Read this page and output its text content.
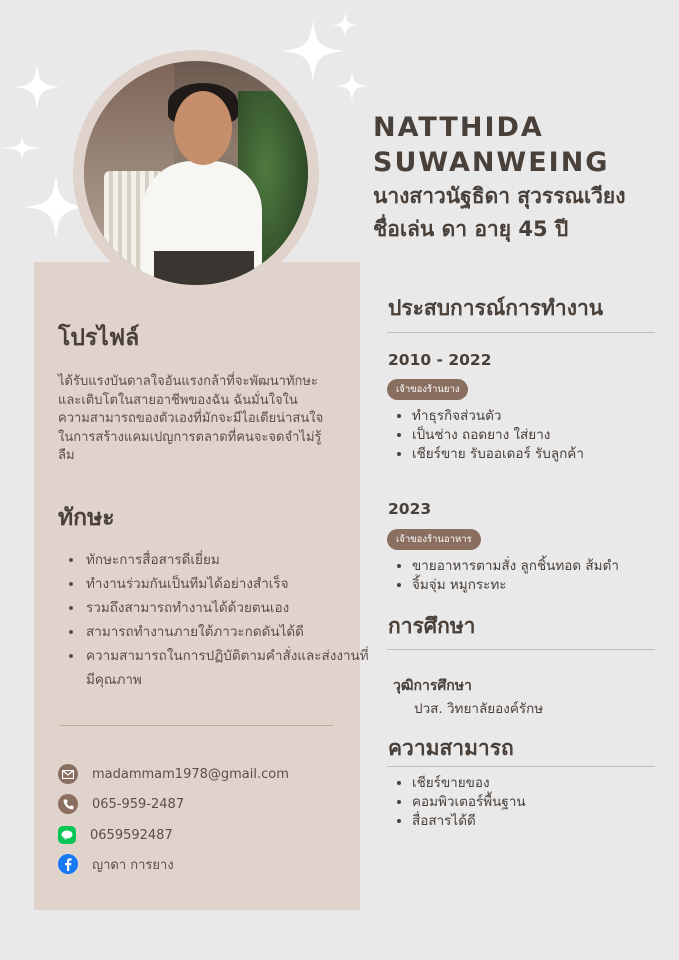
NATTHIDA

SUWANWEING

นางสาวนัฐธิดา สุวรรณเวียง

ชื่อเล่น ดา อายุ 45 ปี

โปรไฟล์

ได้รับแรงบันดาลใจอันแรงกล้าที่จะพัฒนาทักษะและเติบโตในสายอาชีพของฉัน ฉันมั่นใจในความสามารถของตัวเองที่มักจะมีไอเดียน่าสนใจในการสร้างแคมเปญการตลาดที่คนจะจดจำไม่รู้ลืม

ทักษะ
• ทักษะการสื่อสารดีเยี่ยม
• ทำงานร่วมกันเป็นทีมได้อย่างสำเร็จ
• รวมถึงสามารถทำงานได้ด้วยตนเอง
• สามารถทำงานภายใต้ภาวะกดดันได้ดี
• ความสามารถในการปฏิบัติตามคำสั่งและส่งงานที่มีคุณภาพ
madammam1978@gmail.com
065-959-2487
0659592487
ญาดา การยาง
ประสบการณ์การทำงาน

2010 - 2022

เจ้าของร้านยาง
• ทำธุรกิจส่วนตัว
• เป็นช่าง ถอดยาง ใส่ยาง
• เชียร์ขาย รับออเดอร์ รับลูกค้า

2023

เจ้าของร้านอาหาร
• ขายอาหารตามสั่ง ลูกชิ้นทอด ส้มตำ
• จิ้มจุ่ม หมูกระทะ
การศึกษา

วุฒิการศึกษา

ปวส. วิทยาลัยองค์รักษ

ความสามารถ
• เชียร์ขายของ
• คอมพิวเตอร์พื้นฐาน
• สื่อสารได้ดี
